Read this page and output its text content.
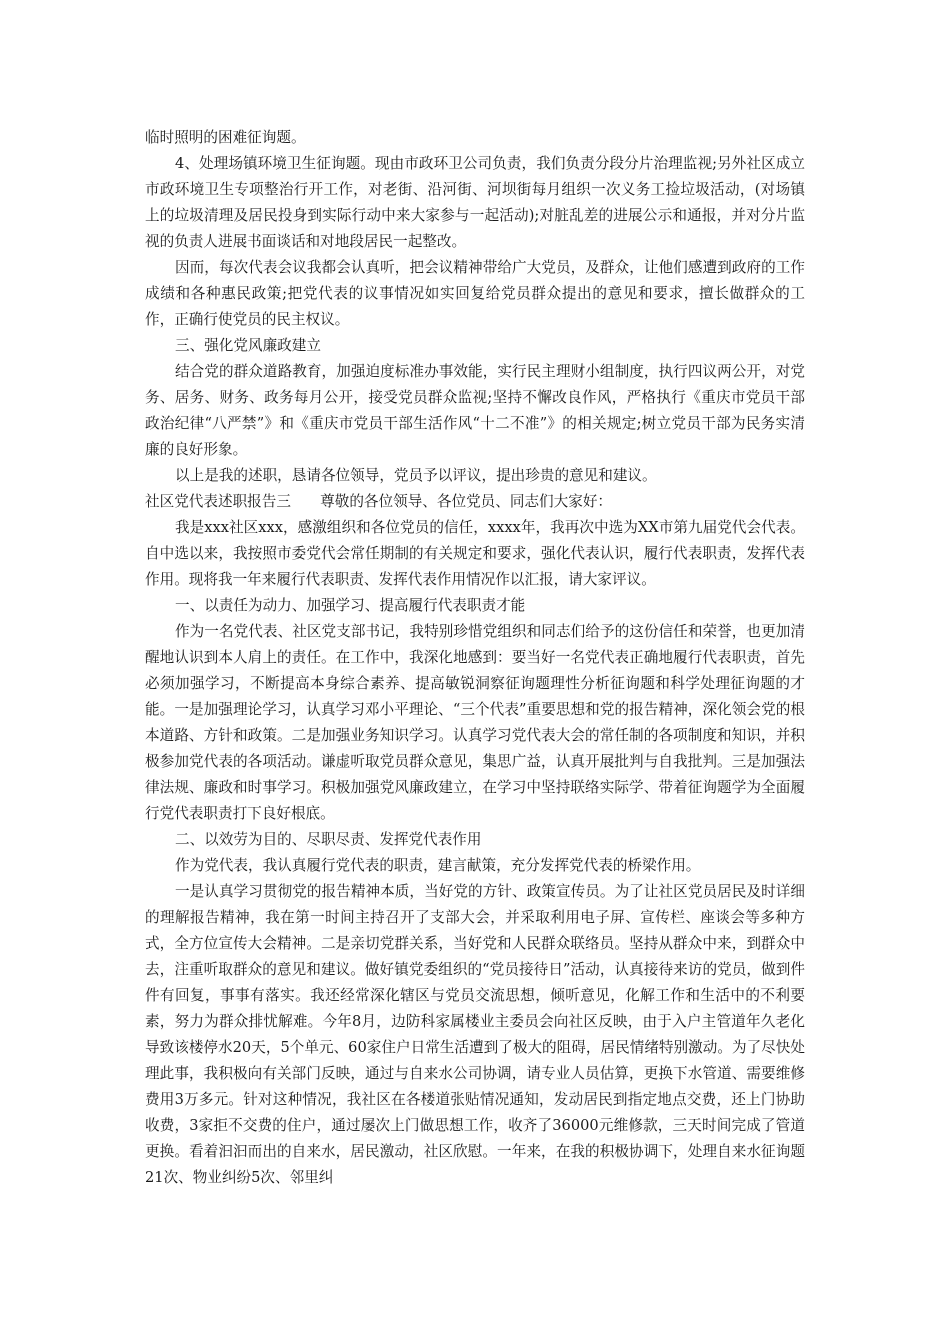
临时照明的困难征询题。

4、处理场镇环境卫生征询题。现由市政环卫公司负责，我们负责分段分片治理监视;另外社区成立市政环境卫生专项整治行开工作，对老街、沿河街、河坝街每月组织一次义务工捡垃圾活动，(对场镇上的垃圾清理及居民投身到实际行动中来大家参与一起活动);对脏乱差的进展公示和通报，并对分片监视的负责人进展书面谈话和对地段居民一起整改。

因而，每次代表会议我都会认真听，把会议精神带给广大党员，及群众，让他们感遭到政府的工作成绩和各种惠民政策;把党代表的议事情况如实回复给党员群众提出的意见和要求，擅长做群众的工作，正确行使党员的民主权议。

三、强化党风廉政建立

结合党的群众道路教育，加强迫度标准办事效能，实行民主理财小组制度，执行四议两公开，对党务、居务、财务、政务每月公开，接受党员群众监视;坚持不懈改良作风，严格执行《重庆市党员干部政治纪律“八严禁”》和《重庆市党员干部生活作风“十二不准”》的相关规定;树立党员干部为民务实清廉的良好形象。

以上是我的述职，恳请各位领导，党员予以评议，提出珍贵的意见和建议。

社区党代表述职报告三　　尊敬的各位领导、各位党员、同志们大家好：

我是xxx社区xxx，感激组织和各位党员的信任，xxxx年，我再次中选为XX市第九届党代会代表。自中选以来，我按照市委党代会常任期制的有关规定和要求，强化代表认识，履行代表职责，发挥代表作用。现将我一年来履行代表职责、发挥代表作用情况作以汇报，请大家评议。

一、以责任为动力、加强学习、提高履行代表职责才能

作为一名党代表、社区党支部书记，我特别珍惜党组织和同志们给予的这份信任和荣誉，也更加清醒地认识到本人肩上的责任。在工作中，我深化地感到：要当好一名党代表正确地履行代表职责，首先必须加强学习，不断提高本身综合素养、提高敏锐洞察征询题理性分析征询题和科学处理征询题的才能。一是加强理论学习，认真学习邓小平理论、“三个代表”重要思想和党的报告精神，深化领会党的根本道路、方针和政策。二是加强业务知识学习。认真学习党代表大会的常任制的各项制度和知识，并积极参加党代表的各项活动。谦虚听取党员群众意见，集思广益，认真开展批判与自我批判。三是加强法律法规、廉政和时事学习。积极加强党风廉政建立，在学习中坚持联络实际学、带着征询题学为全面履行党代表职责打下良好根底。

二、以效劳为目的、尽职尽责、发挥党代表作用

作为党代表，我认真履行党代表的职责，建言献策，充分发挥党代表的桥梁作用。

一是认真学习贯彻党的报告精神本质，当好党的方针、政策宣传员。为了让社区党员居民及时详细的理解报告精神，我在第一时间主持召开了支部大会，并采取利用电子屏、宣传栏、座谈会等多种方式，全方位宣传大会精神。二是亲切党群关系，当好党和人民群众联络员。坚持从群众中来，到群众中去，注重听取群众的意见和建议。做好镇党委组织的“党员接待日”活动，认真接待来访的党员，做到件件有回复，事事有落实。我还经常深化辖区与党员交流思想，倾听意见，化解工作和生活中的不利要素，努力为群众排忧解难。今年8月，边防科家属楼业主委员会向社区反映，由于入户主管道年久老化导致该楼停水20天，5个单元、60家住户日常生活遭到了极大的阻碍，居民情绪特别激动。为了尽快处理此事，我积极向有关部门反映，通过与自来水公司协调，请专业人员估算，更换下水管道、需要维修费用3万多元。针对这种情况，我社区在各楼道张贴情况通知，发动居民到指定地点交费，还上门协助收费，3家拒不交费的住户，通过屡次上门做思想工作，收齐了36000元维修款，三天时间完成了管道更换。看着汩汩而出的自来水，居民激动，社区欣慰。一年来，在我的积极协调下，处理自来水征询题21次、物业纠纷5次、邻里纠
